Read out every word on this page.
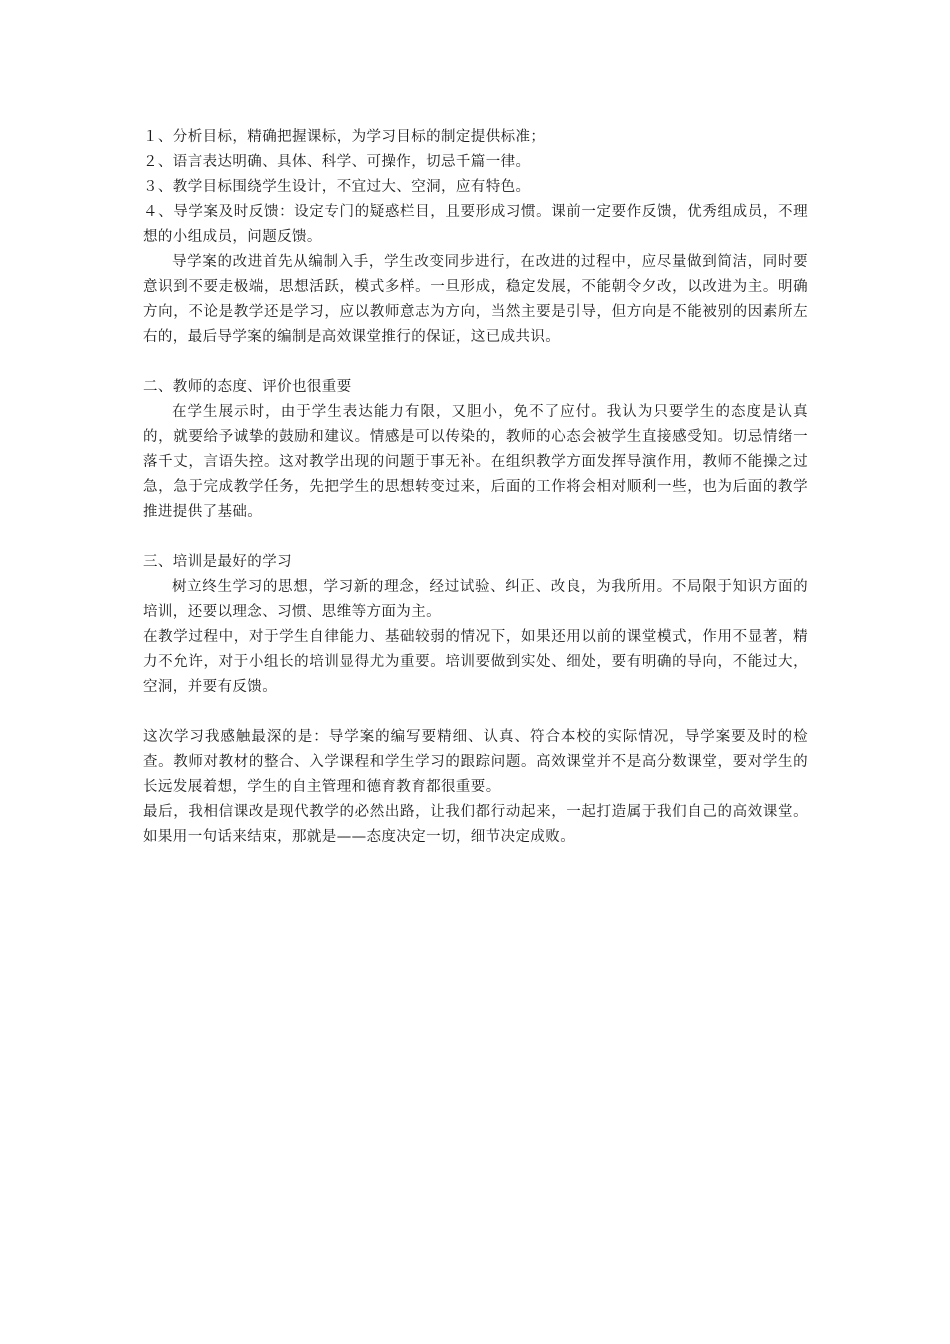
１、分析目标，精确把握课标，为学习目标的制定提供标准；

２、语言表达明确、具体、科学、可操作，切忌千篇一律。

３、教学目标围绕学生设计，不宜过大、空洞，应有特色。

４、导学案及时反馈：设定专门的疑惑栏目，且要形成习惯。课前一定要作反馈，优秀组成员，不理想的小组成员，问题反馈。

导学案的改进首先从编制入手，学生改变同步进行，在改进的过程中，应尽量做到简洁，同时要意识到不要走极端，思想活跃，模式多样。一旦形成，稳定发展，不能朝令夕改，以改进为主。明确方向，不论是教学还是学习，应以教师意志为方向，当然主要是引导，但方向是不能被别的因素所左右的，最后导学案的编制是高效课堂推行的保证，这已成共识。

二、教师的态度、评价也很重要

在学生展示时，由于学生表达能力有限，又胆小，免不了应付。我认为只要学生的态度是认真的，就要给予诚挚的鼓励和建议。情感是可以传染的，教师的心态会被学生直接感受知。切忌情绪一落千丈，言语失控。这对教学出现的问题于事无补。在组织教学方面发挥导演作用，教师不能操之过急，急于完成教学任务，先把学生的思想转变过来，后面的工作将会相对顺利一些，也为后面的教学推进提供了基础。

三、培训是最好的学习

树立终生学习的思想，学习新的理念，经过试验、纠正、改良，为我所用。不局限于知识方面的培训，还要以理念、习惯、思维等方面为主。

在教学过程中，对于学生自律能力、基础较弱的情况下，如果还用以前的课堂模式，作用不显著，精力不允许，对于小组长的培训显得尤为重要。培训要做到实处、细处，要有明确的导向，不能过大，空洞，并要有反馈。

这次学习我感触最深的是：导学案的编写要精细、认真、符合本校的实际情况，导学案要及时的检查。教师对教材的整合、入学课程和学生学习的跟踪问题。高效课堂并不是高分数课堂，要对学生的长远发展着想，学生的自主管理和德育教育都很重要。

最后，我相信课改是现代教学的必然出路，让我们都行动起来，一起打造属于我们自己的高效课堂。如果用一句话来结束，那就是——态度决定一切，细节决定成败。
